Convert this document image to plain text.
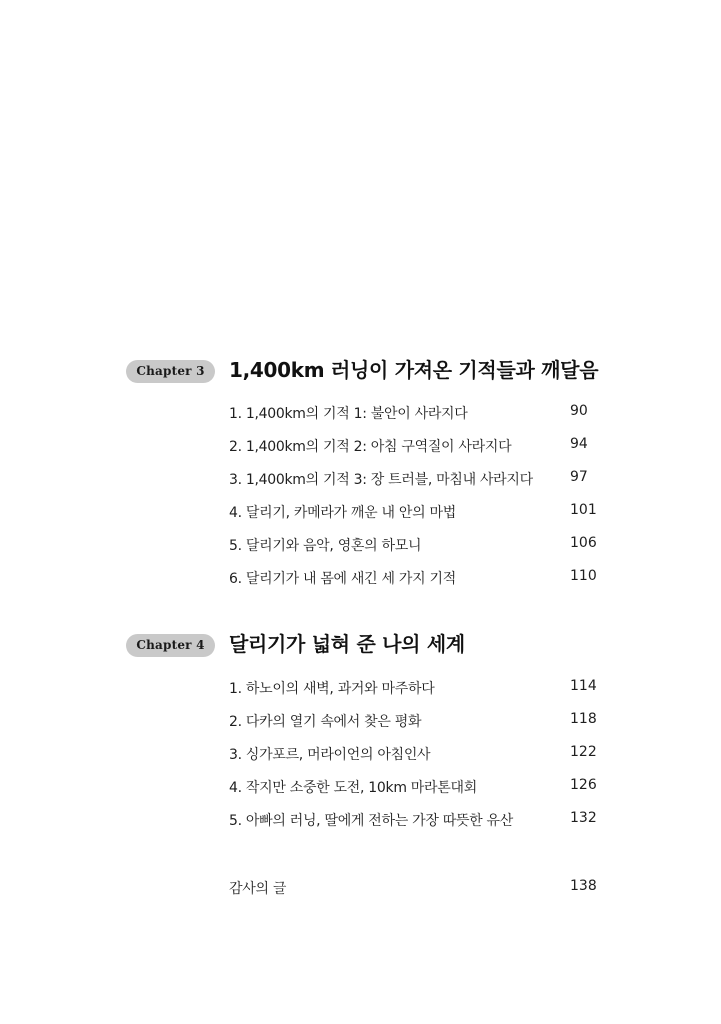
Chapter 3	1,400km 러닝이 가져온 기적들과 깨달음
1. 1,400km의 기적 1: 불안이 사라지다	90
2. 1,400km의 기적 2: 아침 구역질이 사라지다	94
3. 1,400km의 기적 3: 장 트러블, 마침내 사라지다	97
4. 달리기, 카메라가 깨운 내 안의 마법	101
5. 달리기와 음악, 영혼의 하모니	106
6. 달리기가 내 몸에 새긴 세 가지 기적	110
Chapter 4	달리기가 넓혀 준 나의 세계
1. 하노이의 새벽, 과거와 마주하다	114
2. 다카의 열기 속에서 찾은 평화	118
3. 싱가포르, 머라이언의 아침인사	122
4. 작지만 소중한 도전, 10km 마라톤대회	126
5. 아빠의 러닝, 딸에게 전하는 가장 따뜻한 유산	132
감사의 글	138
